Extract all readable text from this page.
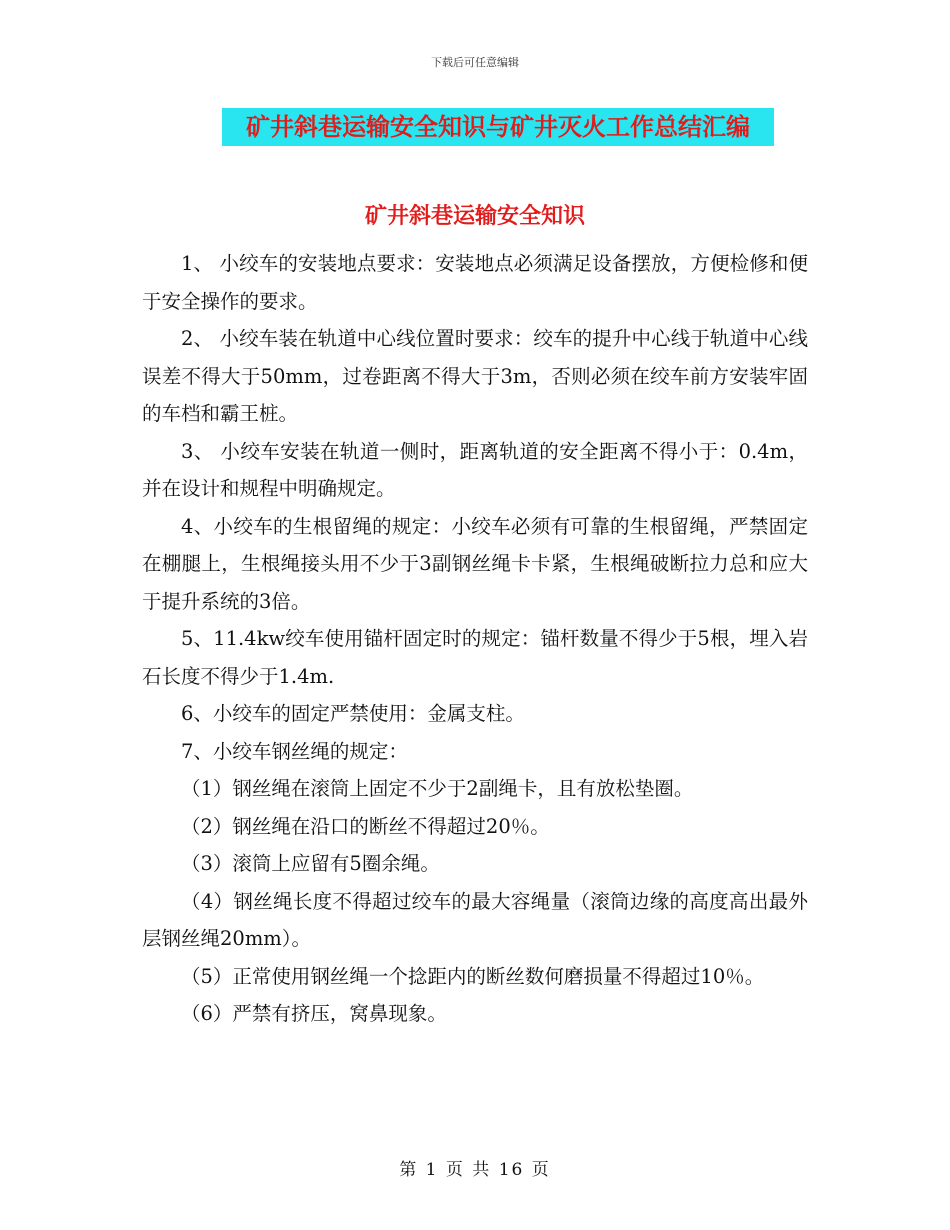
下载后可任意编辑
矿井斜巷运输安全知识与矿井灭火工作总结汇编
矿井斜巷运输安全知识

1、 小绞车的安装地点要求：安装地点必须满足设备摆放，方便检修和便于安全操作的要求。

2、 小绞车装在轨道中心线位置时要求：绞车的提升中心线于轨道中心线误差不得大于50mm，过卷距离不得大于3m，否则必须在绞车前方安装牢固的车档和霸王桩。

3、 小绞车安装在轨道一侧时，距离轨道的安全距离不得小于：0.4m，并在设计和规程中明确规定。

4、小绞车的生根留绳的规定：小绞车必须有可靠的生根留绳，严禁固定在棚腿上，生根绳接头用不少于3副钢丝绳卡卡紧，生根绳破断拉力总和应大于提升系统的3倍。

5、11.4kw绞车使用锚杆固定时的规定：锚杆数量不得少于5根，埋入岩石长度不得少于1.4m.

6、小绞车的固定严禁使用：金属支柱。

7、小绞车钢丝绳的规定：

（1）钢丝绳在滚筒上固定不少于2副绳卡，且有放松垫圈。

（2）钢丝绳在沿口的断丝不得超过20％。

（3）滚筒上应留有5圈余绳。

（4）钢丝绳长度不得超过绞车的最大容绳量（滚筒边缘的高度高出最外层钢丝绳20mm）。

（5）正常使用钢丝绳一个捻距内的断丝数何磨损量不得超过10％。

（6）严禁有挤压，窝鼻现象。

第 1 页 共 16 页
